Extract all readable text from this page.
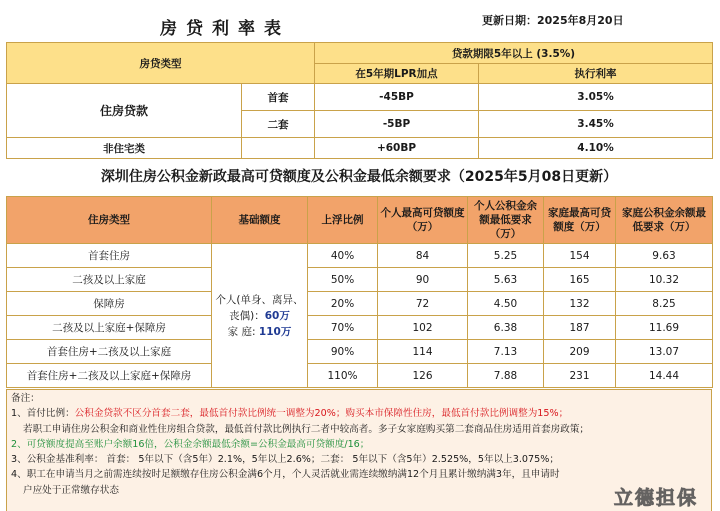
房贷利率表	更新日期：2025年8月20日
房贷类型		贷款期限5年以上 (3.5%)	
		在5年期LPR加点	执行利率
住房贷款	首套	-45BP	3.05%
	二套	-5BP	3.45%
非住宅类		+60BP	4.10%
深圳住房公积金新政最高可贷额度及公积金最低余额要求（2025年5月08日更新）
住房类型	基础额度	上浮比例	个人最高可贷额度（万）	个人公积金余额最低要求（万）	家庭最高可贷额度（万）	家庭公积金余额最低要求（万）
首套住房	个人(单身、离异、
丧偶)：60万
家 庭: 110万	40%	84	5.25	154	9.63
二孩及以上家庭		50%	90	5.63	165	10.32
保障房		20%	72	4.50	132	8.25
二孩及以上家庭+保障房		70%	102	6.38	187	11.69
首套住房+二孩及以上家庭		90%	114	7.13	209	13.07
首套住房+二孩及以上家庭+保障房		110%	126	7.88	231	14.44
备注：
1、首付比例：公积金贷款不区分首套二套，最低首付款比例统一调整为20%；购买本市保障性住房，最低首付款比例调整为15%；
若职工申请住房公积金和商业性住房组合贷款，最低首付款比例执行二者中较高者。多子女家庭购买第二套商品住房适用首套房政策；
2、可贷额度提高至账户余额16倍，公积金余额最低余额=公积金最高可贷额度/16；
3、公积金基准利率： 首套： 5年以下（含5年）2.1%，5年以上2.6%；二套： 5年以下（含5年）2.525%，5年以上3.075%；
4、职工在申请当月之前需连续按时足额缴存住房公积金满6个月，个人灵活就业需连续缴纳满12个月且累计缴纳满3年，且申请时
户应处于正常缴存状态	立德担保
